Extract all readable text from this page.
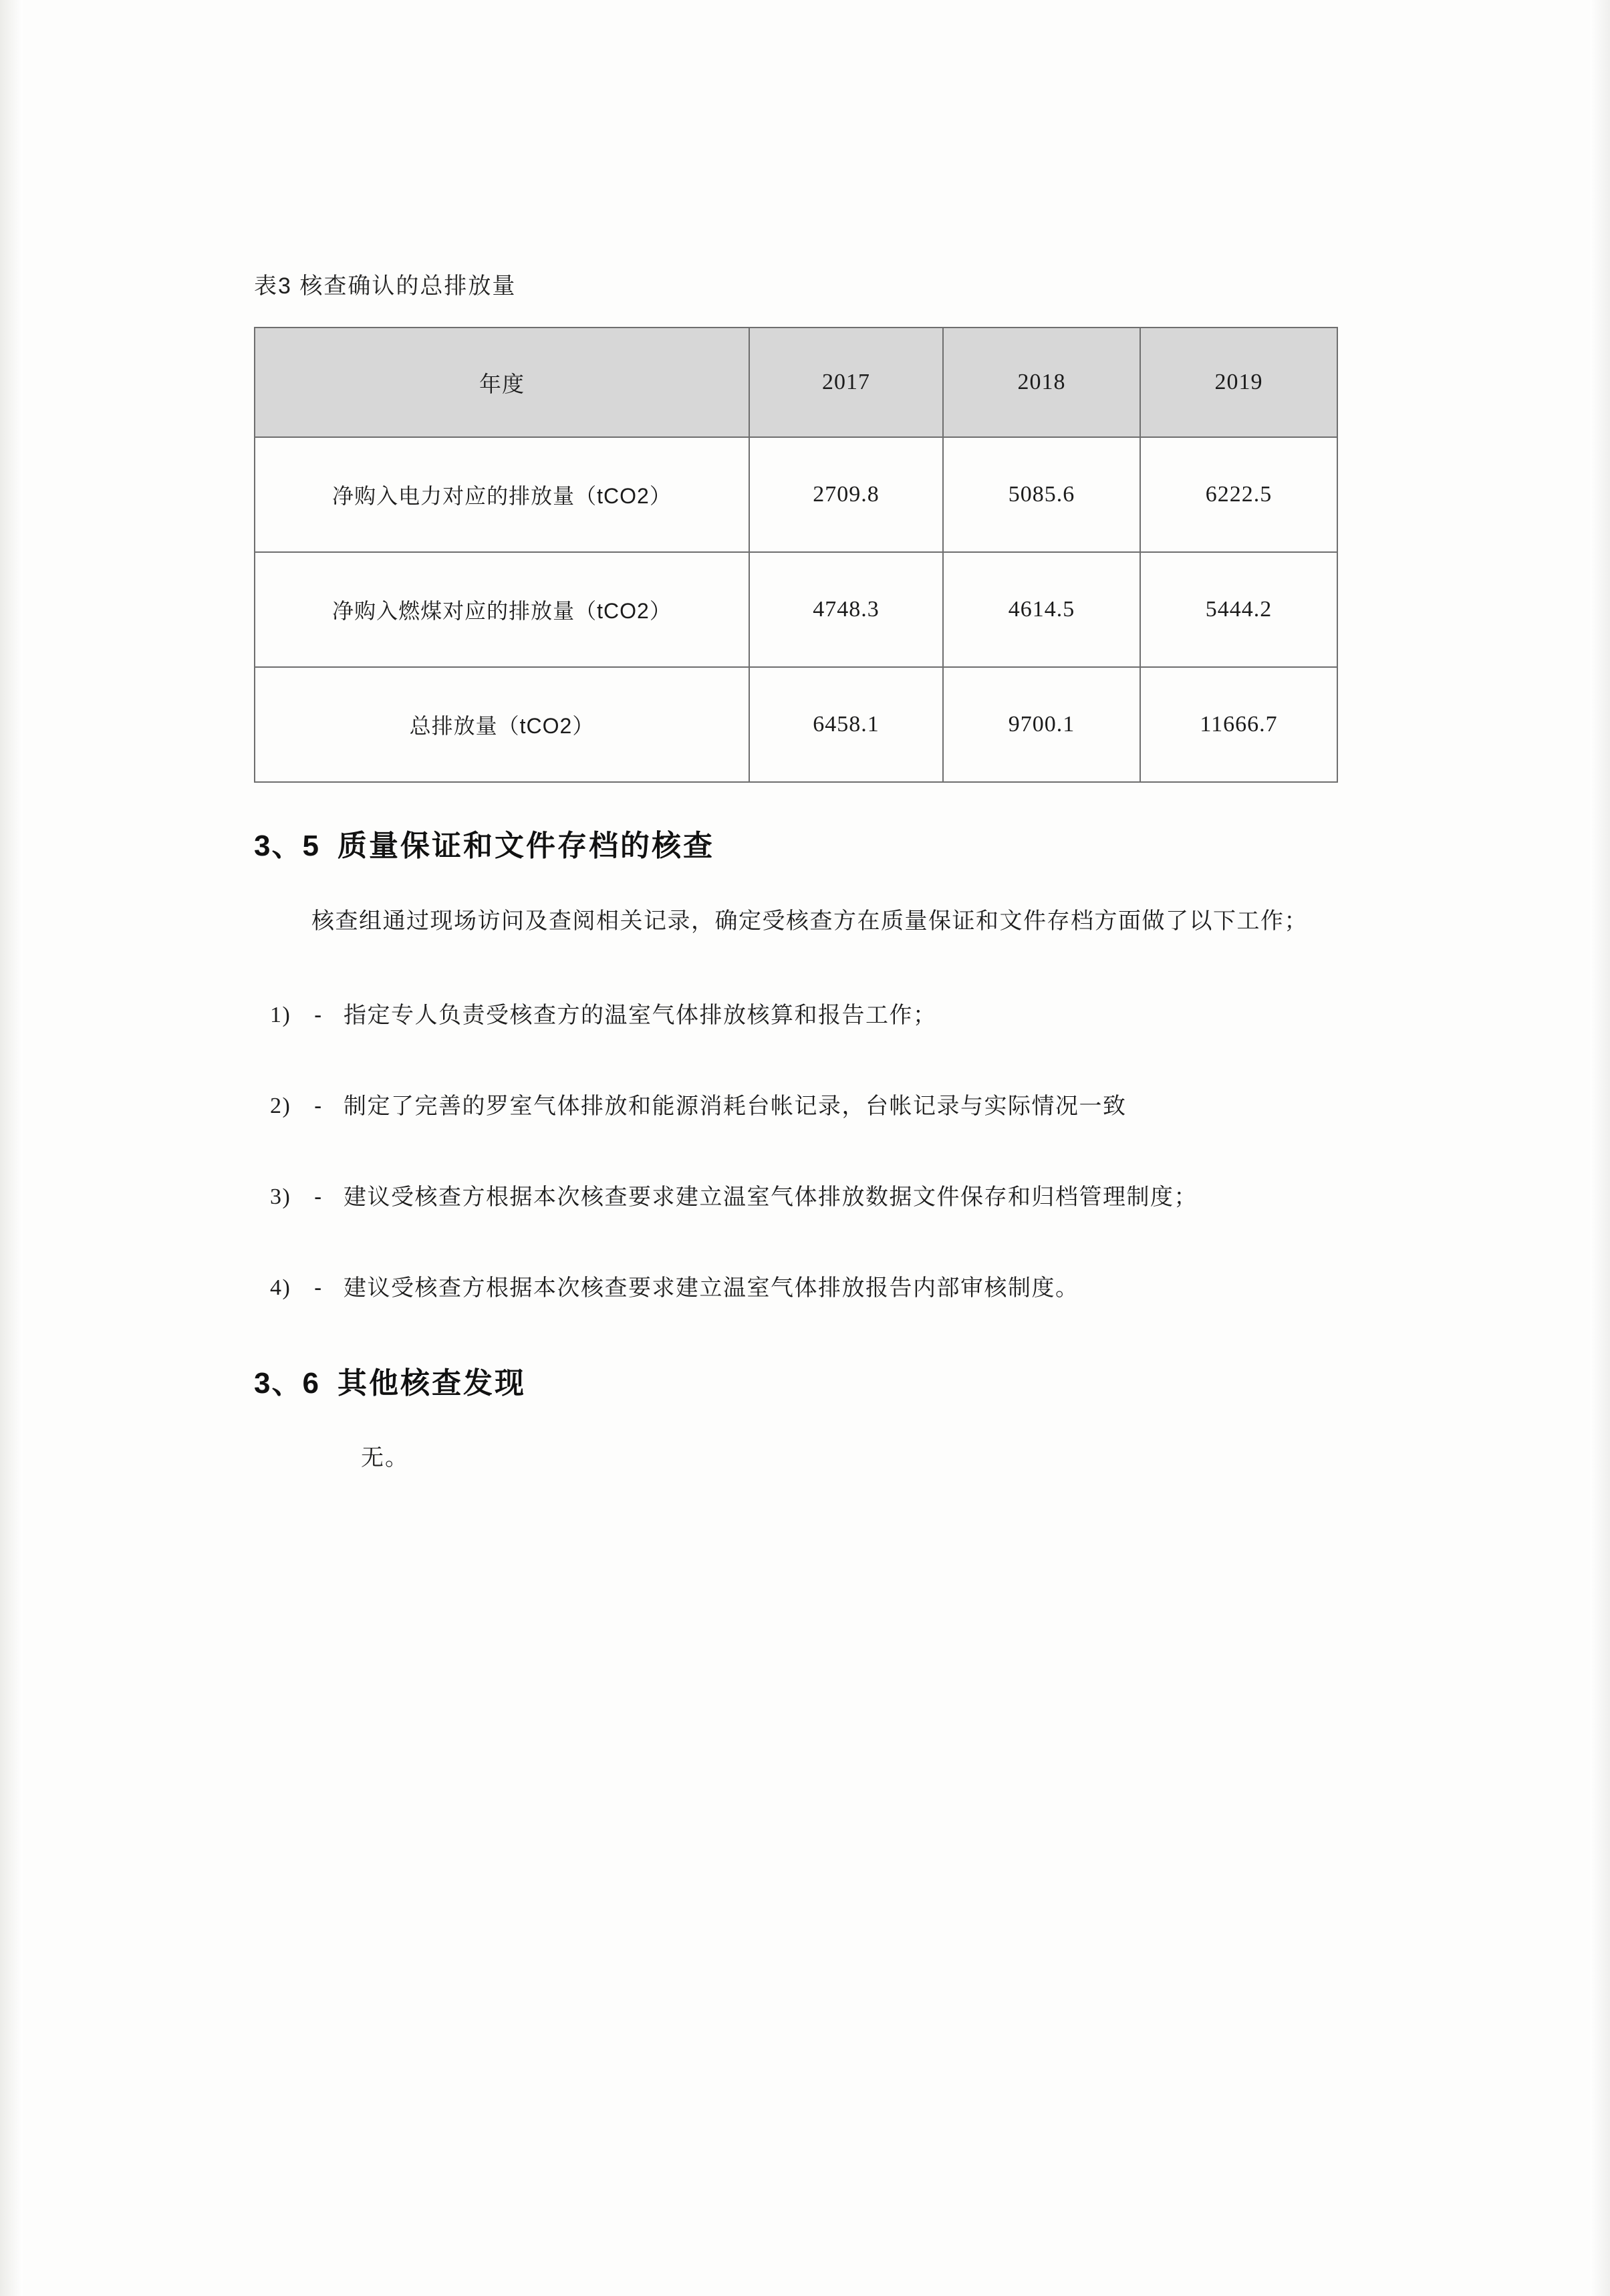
表3 核查确认的总排放量
年度	2017	2018	2019
净购入电力对应的排放量（tCO2）	2709.8	5085.6	6222.5
净购入燃煤对应的排放量（tCO2）	4748.3	4614.5	5444.2
总排放量（tCO2）	6458.1	9700.1	11666.7
3、5 质量保证和文件存档的核查

核查组通过现场访问及查阅相关记录，确定受核查方在质量保证和文件存档方面做了以下工作；

1)	- 指定专人负责受核查方的温室气体排放核算和报告工作；
2)	- 制定了完善的罗室气体排放和能源消耗台帐记录，台帐记录与实际情况一致
3)	- 建议受核查方根据本次核查要求建立温室气体排放数据文件保存和归档管理制度；
4)	- 建议受核查方根据本次核查要求建立温室气体排放报告内部审核制度。
3、6 其他核查发现

无。
